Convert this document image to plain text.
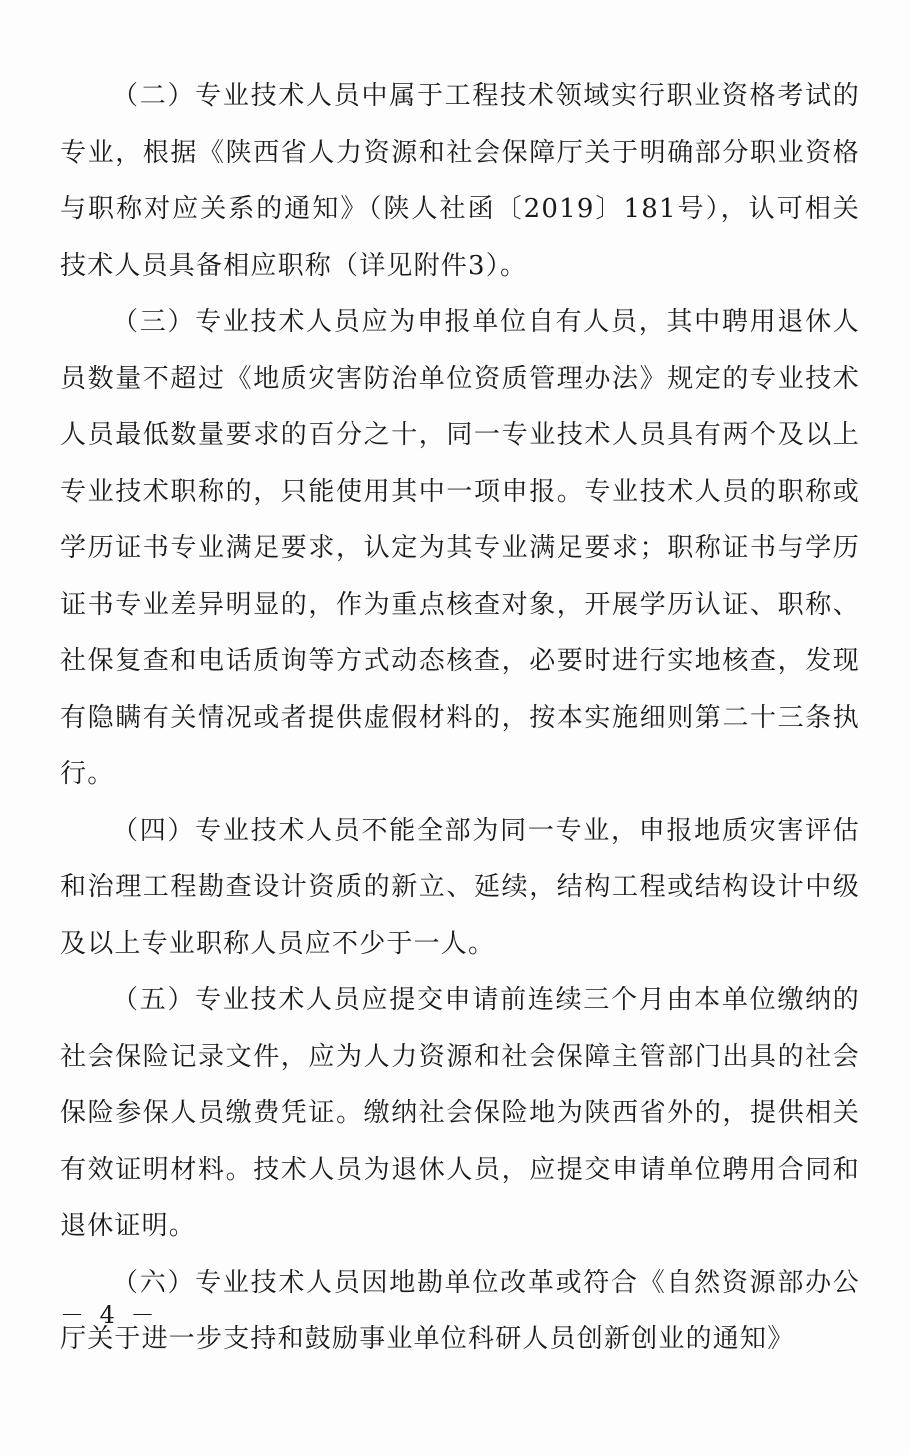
（二）专业技术人员中属于工程技术领域实行职业资格考试的专业，根据《陕西省人力资源和社会保障厅关于明确部分职业资格与职称对应关系的通知》（陕人社函〔2019〕181号），认可相关技术人员具备相应职称（详见附件3）。

（三）专业技术人员应为申报单位自有人员，其中聘用退休人员数量不超过《地质灾害防治单位资质管理办法》规定的专业技术人员最低数量要求的百分之十，同一专业技术人员具有两个及以上专业技术职称的，只能使用其中一项申报。专业技术人员的职称或学历证书专业满足要求，认定为其专业满足要求；职称证书与学历证书专业差异明显的，作为重点核查对象，开展学历认证、职称、社保复查和电话质询等方式动态核查，必要时进行实地核查，发现有隐瞒有关情况或者提供虚假材料的，按本实施细则第二十三条执行。

（四）专业技术人员不能全部为同一专业，申报地质灾害评估和治理工程勘查设计资质的新立、延续，结构工程或结构设计中级及以上专业职称人员应不少于一人。

（五）专业技术人员应提交申请前连续三个月由本单位缴纳的社会保险记录文件，应为人力资源和社会保障主管部门出具的社会保险参保人员缴费凭证。缴纳社会保险地为陕西省外的，提供相关有效证明材料。技术人员为退休人员，应提交申请单位聘用合同和退休证明。

（六）专业技术人员因地勘单位改革或符合《自然资源部办公厅关于进一步支持和鼓励事业单位科研人员创新创业的通知》

－ 4 －
